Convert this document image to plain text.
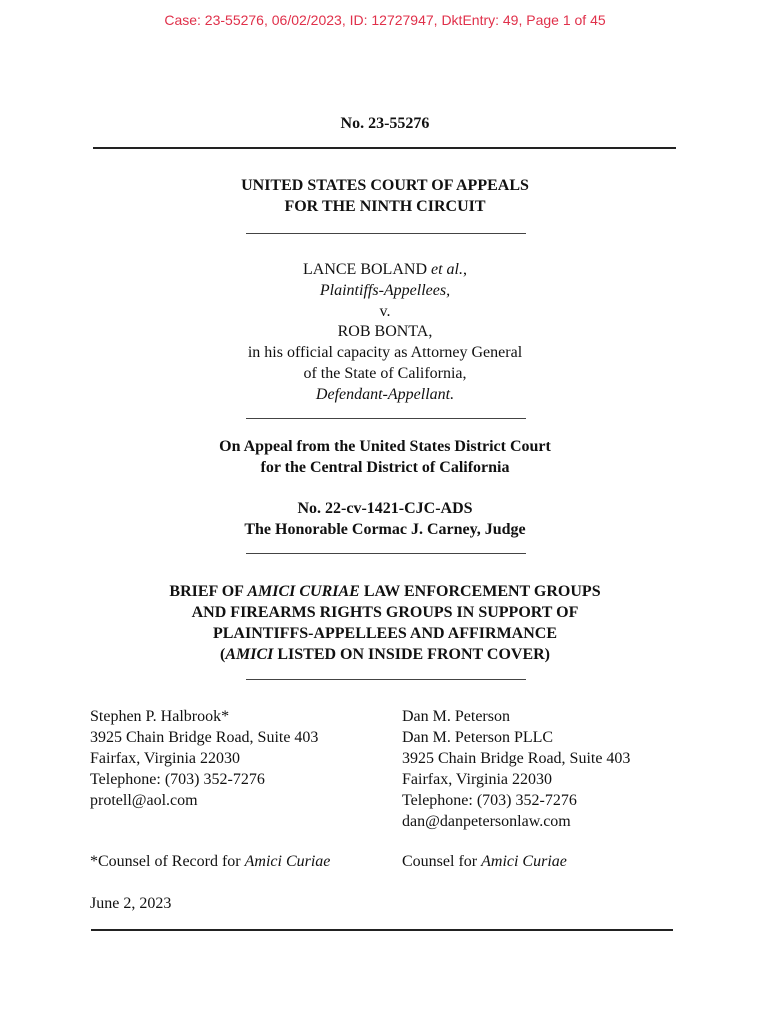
Case: 23-55276, 06/02/2023, ID: 12727947, DktEntry: 49, Page 1 of 45
No. 23-55276
UNITED STATES COURT OF APPEALS
FOR THE NINTH CIRCUIT
LANCE BOLAND et al.,
Plaintiffs-Appellees,
v.
ROB BONTA,
in his official capacity as Attorney General
of the State of California,
Defendant-Appellant.
On Appeal from the United States District Court
for the Central District of California
No. 22-cv-1421-CJC-ADS
The Honorable Cormac J. Carney, Judge
BRIEF OF AMICI CURIAE LAW ENFORCEMENT GROUPS
AND FIREARMS RIGHTS GROUPS IN SUPPORT OF
PLAINTIFFS-APPELLEES AND AFFIRMANCE
(AMICI LISTED ON INSIDE FRONT COVER)
Stephen P. Halbrook*
3925 Chain Bridge Road, Suite 403
Fairfax, Virginia 22030
Telephone: (703) 352-7276
protell@aol.com
Dan M. Peterson
Dan M. Peterson PLLC
3925 Chain Bridge Road, Suite 403
Fairfax, Virginia 22030
Telephone: (703) 352-7276
dan@danpetersonlaw.com
*Counsel of Record for Amici Curiae	Counsel for Amici Curiae
June 2, 2023
